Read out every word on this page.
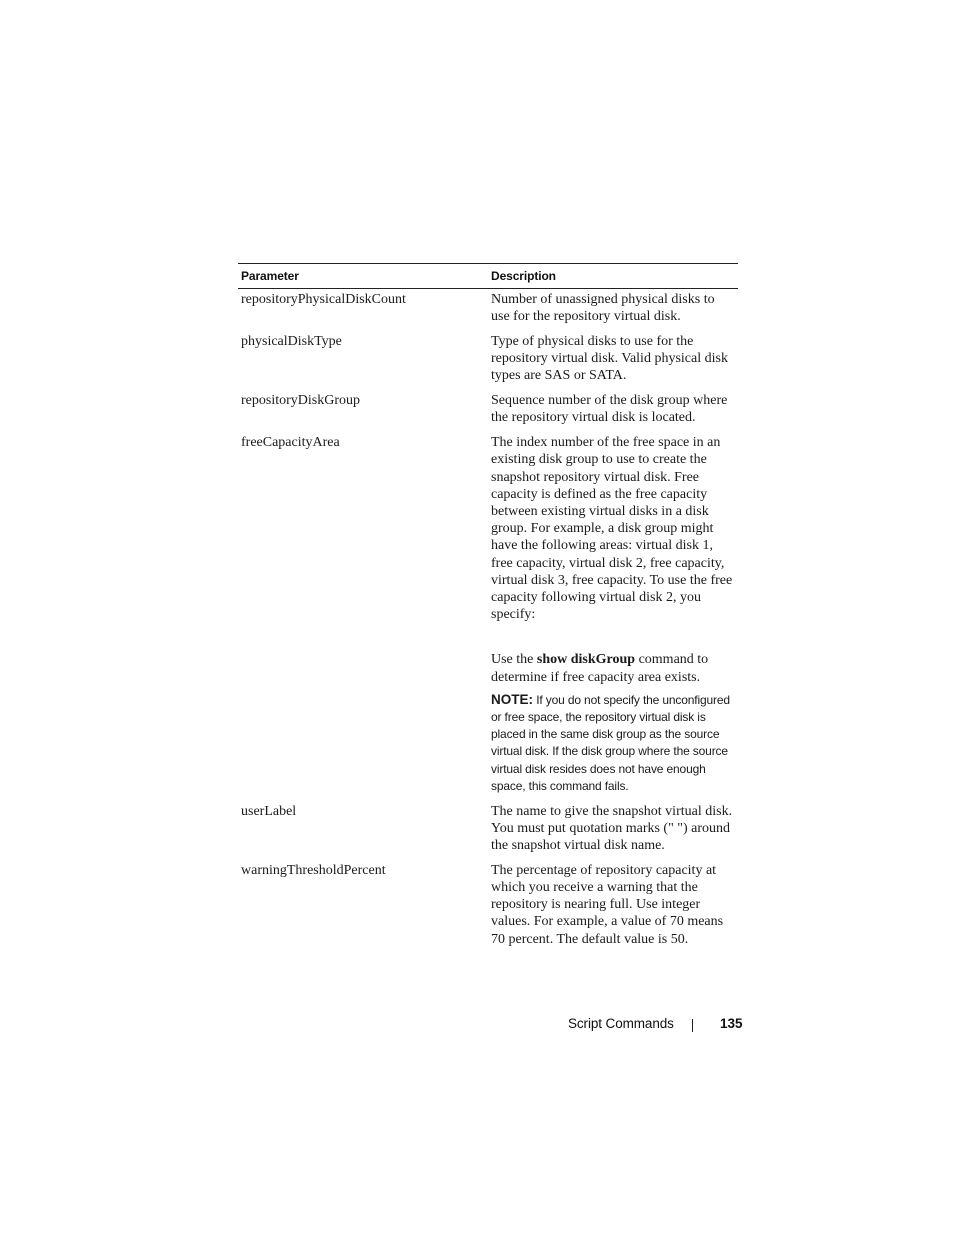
Parameter	Description
repositoryPhysicalDiskCount	Number of unassigned physical disks to use for the repository virtual disk.
physicalDiskType	Type of physical disks to use for the repository virtual disk. Valid physical disk types are SAS or SATA.
repositoryDiskGroup	Sequence number of the disk group where the repository virtual disk is located.
freeCapacityArea	The index number of the free space in an existing disk group to use to create the snapshot repository virtual disk. Free capacity is defined as the free capacity between existing virtual disks in a disk group. For example, a disk group might have the following areas: virtual disk 1, free capacity, virtual disk 2, free capacity, virtual disk 3, free capacity. To use the free capacity following virtual disk 2, you specify:
Use the show diskGroup command to determine if free capacity area exists.
NOTE: If you do not specify the unconfigured or free space, the repository virtual disk is placed in the same disk group as the source virtual disk. If the disk group where the source virtual disk resides does not have enough space, this command fails.
userLabel	The name to give the snapshot virtual disk. You must put quotation marks (" ") around the snapshot virtual disk name.
warningThresholdPercent	The percentage of repository capacity at which you receive a warning that the repository is nearing full. Use integer values. For example, a value of 70 means 70 percent. The default value is 50.
Script Commands	135
